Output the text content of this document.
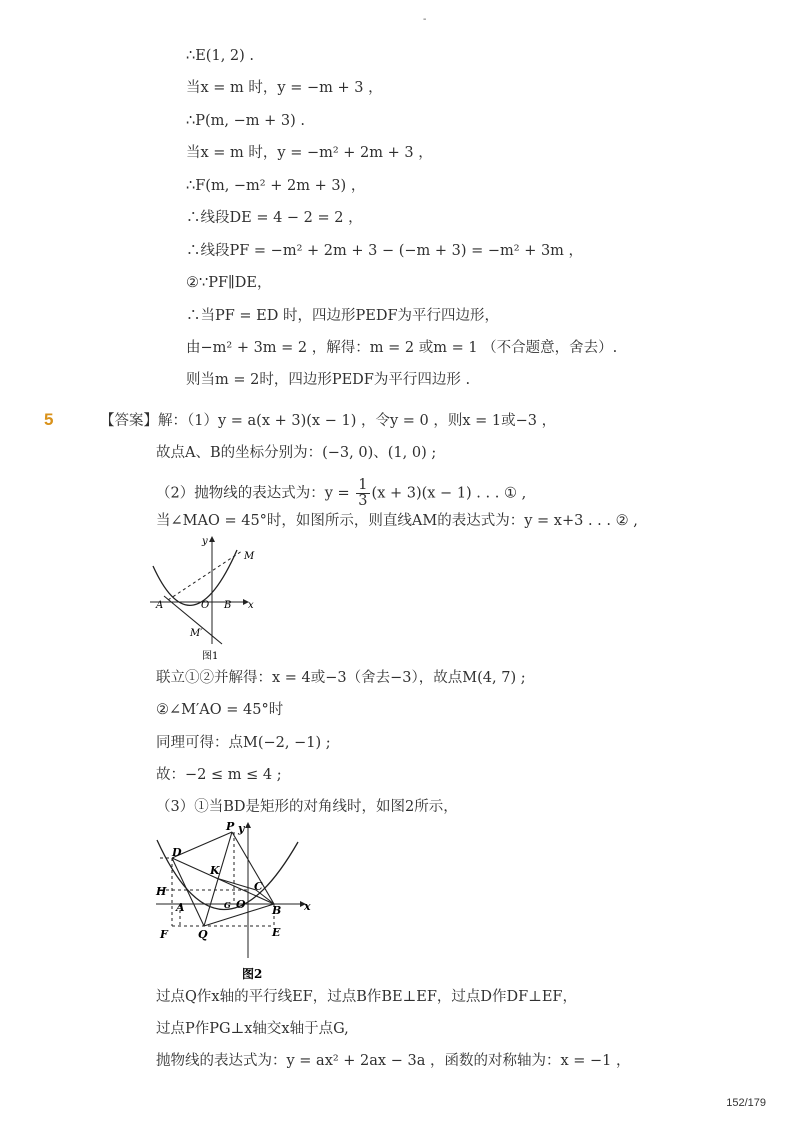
-
∴E(1, 2) .
当x = m 时，y = −m + 3 ，
∴P(m, −m + 3) .
当x = m 时，y = −m² + 2m + 3 ，
∴F(m, −m² + 2m + 3) ，
∴线段DE = 4 − 2 = 2 ，
∴线段PF = −m² + 2m + 3 − (−m + 3) = −m² + 3m ，
②∵PF∥DE，
∴当PF = ED 时，四边形PEDF为平行四边形，
由−m² + 3m = 2 ，解得：m = 2 或m = 1 （不合题意，舍去）.
则当m = 2时，四边形PEDF为平行四边形 .
5	【答案】解：（1）y = a(x + 3)(x − 1) ，令y = 0 ，则x = 1或−3 ，
故点A、B的坐标分别为：(−3, 0)、(1, 0) ;
（2）抛物线的表达式为：$y = \frac{1}{3} (x + 3)(x - 1)$ . . . ① ,
当∠MAO = 45°时，如图所示，则直线AM的表达式为：y = x+3 . . . ② ,
y
M
A	O B x
M′
图1
联立①②并解得：x = 4或−3（舍去−3），故点M(4, 7) ;
②∠M′AO = 45°时
同理可得：点M(−2, −1) ;
故：−2 ≤ m ≤ 4 ;
（3）①当BD是矩形的对角线时，如图2所示，
P y
D
K
C
H
A	G O B x
F	Q	E
图2
过点Q作x轴的平行线EF，过点B作BE⊥EF，过点D作DF⊥EF，
过点P作PG⊥x轴交x轴于点G,
抛物线的表达式为：y = ax² + 2ax − 3a ，函数的对称轴为：x = −1 ，
152/179
